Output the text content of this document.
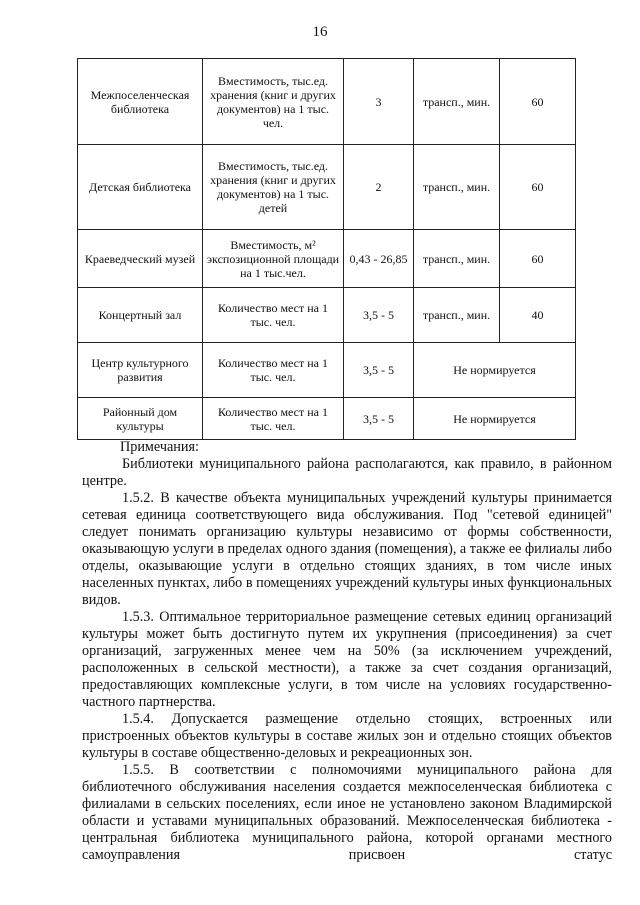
16
Межпоселенческая библиотека	Вместимость, тыс.ед. хранения (книг и других документов) на 1 тыс. чел.	3	трансп., мин.	60
Детская библиотека	Вместимость, тыс.ед. хранения (книг и других документов) на 1 тыс. детей	2	трансп., мин.	60
Краеведческий музей	Вместимость, м² экспозиционной площади на 1 тыс.чел.	0,43 - 26,85	трансп., мин.	60
Концертный зал	Количество мест на 1 тыс. чел.	3,5 - 5	трансп., мин.	40
Центр культурного развития	Количество мест на 1 тыс. чел.	3,5 - 5	Не нормируется	
Районный дом культуры	Количество мест на 1 тыс. чел.	3,5 - 5	Не нормируется	

Примечания:

Библиотеки муниципального района располагаются, как правило, в районном центре.

1.5.2. В качестве объекта муниципальных учреждений культуры принимается сетевая единица соответствующего вида обслуживания. Под "сетевой единицей" следует понимать организацию культуры независимо от формы собственности, оказывающую услуги в пределах одного здания (помещения), а также ее филиалы либо отделы, оказывающие услуги в отдельно стоящих зданиях, в том числе иных населенных пунктах, либо в помещениях учреждений культуры иных функциональных видов.

1.5.3. Оптимальное территориальное размещение сетевых единиц организаций культуры может быть достигнуто путем их укрупнения (присоединения) за счет организаций, загруженных менее чем на 50% (за исключением учреждений, расположенных в сельской местности), а также за счет создания организаций, предоставляющих комплексные услуги, в том числе на условиях государственно-частного партнерства.

1.5.4. Допускается размещение отдельно стоящих, встроенных или пристроенных объектов культуры в составе жилых зон и отдельно стоящих объектов культуры в составе общественно-деловых и рекреационных зон.

1.5.5. В соответствии с полномочиями муниципального района для библиотечного обслуживания населения создается межпоселенческая библиотека с филиалами в сельских поселениях, если иное не установлено законом Владимирской области и уставами муниципальных образований. Межпоселенческая библиотека - центральная библиотека муниципального района, которой органами местного самоуправления присвоен статус
